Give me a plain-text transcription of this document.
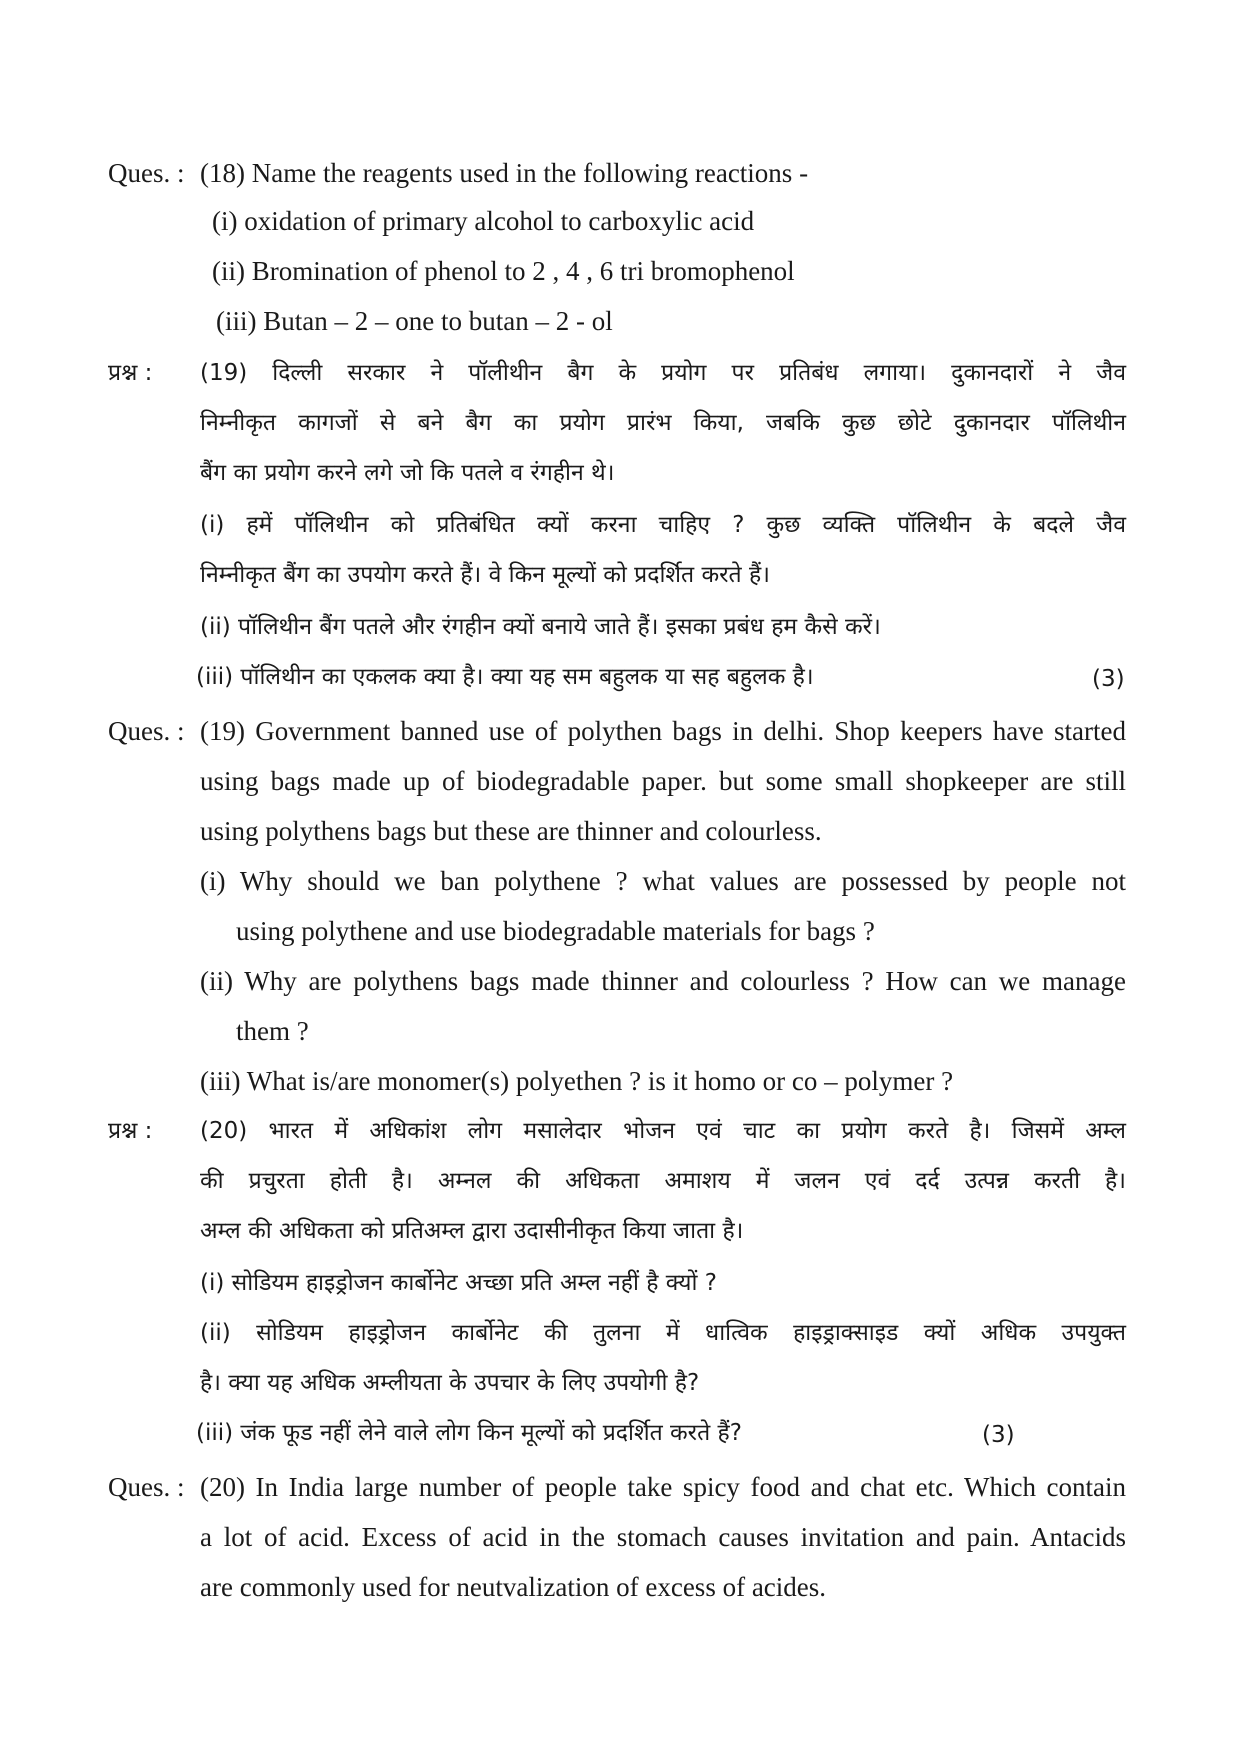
Ques. : (18) Name the reagents used in the following reactions -
(i) oxidation of primary alcohol to carboxylic acid
(ii) Bromination of phenol to 2 , 4 , 6 tri bromophenol
(iii) Butan – 2 – one to butan – 2 - ol
प्रश्न : (19) दिल्ली सरकार ने पॉलीथीन बैग के प्रयोग पर प्रतिबंध लगाया। दुकानदारों ने जैव
निम्नीकृत कागजों से बने बैग का प्रयोग प्रारंभ किया, जबकि कुछ छोटे दुकानदार पॉलिथीन
बैंग का प्रयोग करने लगे जो कि पतले व रंगहीन थे।
(i) हमें पॉलिथीन को प्रतिबंधित क्यों करना चाहिए ? कुछ व्यक्ति पॉलिथीन के बदले जैव
निम्नीकृत बैंग का उपयोग करते हैं। वे किन मूल्यों को प्रदर्शित करते हैं।
(ii) पॉलिथीन बैंग पतले और रंगहीन क्यों बनाये जाते हैं। इसका प्रबंध हम कैसे करें।
(iii) पॉलिथीन का एकलक क्या है। क्या यह सम बहुलक या सह बहुलक है।	(3)
Ques. : (19) Government banned use of polythen bags in delhi. Shop keepers have started
using bags made up of biodegradable paper. but some small shopkeeper are still
using polythens bags but these are thinner and colourless.
(i) Why should we ban polythene ? what values are possessed by people not
using polythene and use biodegradable materials for bags ?
(ii) Why are polythens bags made thinner and colourless ? How can we manage
them ?
(iii) What is/are monomer(s) polyethen ? is it homo or co – polymer ?
प्रश्न : (20) भारत में अधिकांश लोग मसालेदार भोजन एवं चाट का प्रयोग करते है। जिसमें अम्ल
की प्रचुरता होती है। अम्नल की अधिकता अमाशय में जलन एवं दर्द उत्पन्न करती है।
अम्ल की अधिकता को प्रतिअम्ल द्वारा उदासीनीकृत किया जाता है।
(i) सोडियम हाइड्रोजन कार्बोनेट अच्छा प्रति अम्ल नहीं है क्यों ?
(ii) सोडियम हाइड्रोजन कार्बोनेट की तुलना में धात्विक हाइड्राक्साइड क्यों अधिक उपयुक्त
है। क्या यह अधिक अम्लीयता के उपचार के लिए उपयोगी है?
(iii) जंक फूड नहीं लेने वाले लोग किन मूल्यों को प्रदर्शित करते हैं?	(3)
Ques. : (20) In India large number of people take spicy food and chat etc. Which contain
a lot of acid. Excess of acid in the stomach causes invitation and pain. Antacids
are commonly used for neutvalization of excess of acides.
